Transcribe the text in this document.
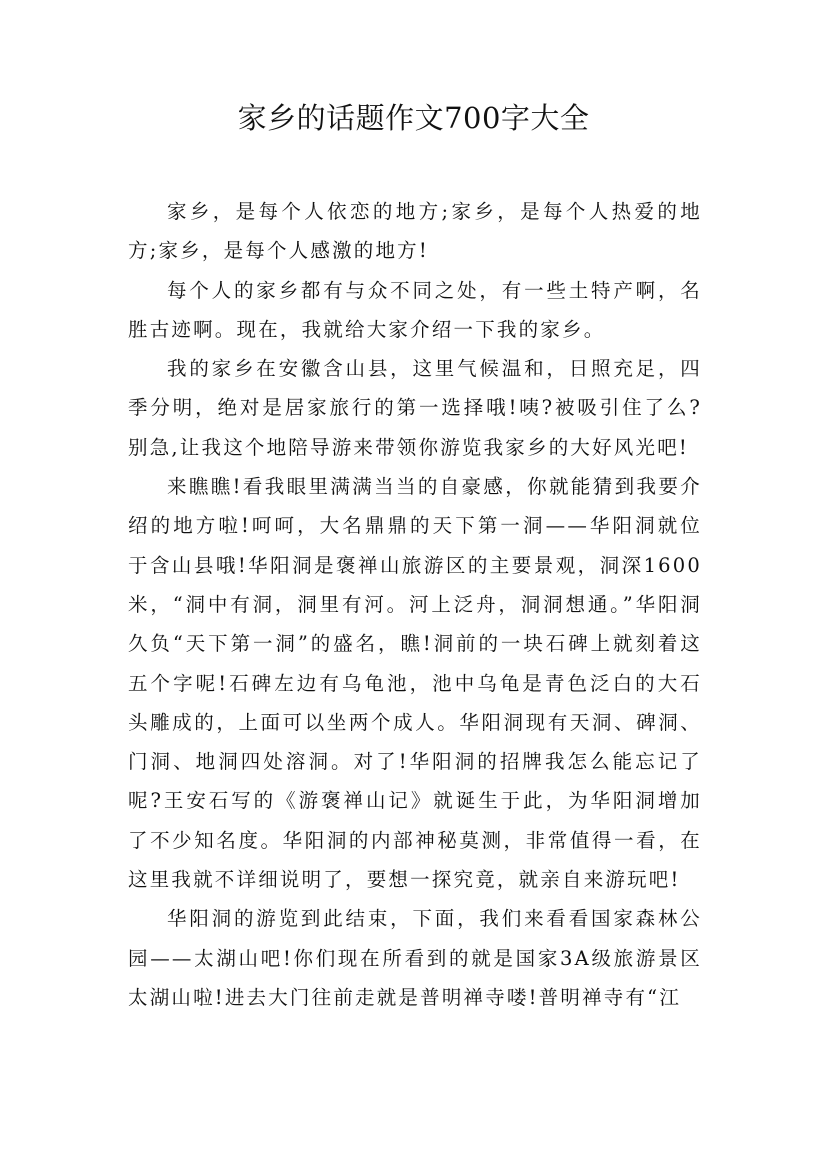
家乡的话题作文700字大全

家乡，是每个人依恋的地方;家乡，是每个人热爱的地方;家乡，是每个人感激的地方!

每个人的家乡都有与众不同之处，有一些土特产啊，名胜古迹啊。现在，我就给大家介绍一下我的家乡。

我的家乡在安徽含山县，这里气候温和，日照充足，四季分明，绝对是居家旅行的第一选择哦!咦?被吸引住了么?别急,让我这个地陪导游来带领你游览我家乡的大好风光吧!

来瞧瞧!看我眼里满满当当的自豪感，你就能猜到我要介绍的地方啦!呵呵，大名鼎鼎的天下第一洞——华阳洞就位于含山县哦!华阳洞是褒禅山旅游区的主要景观，洞深1600米，“洞中有洞，洞里有河。河上泛舟，洞洞想通。”华阳洞久负“天下第一洞”的盛名，瞧!洞前的一块石碑上就刻着这五个字呢!石碑左边有乌龟池，池中乌龟是青色泛白的大石头雕成的，上面可以坐两个成人。华阳洞现有天洞、碑洞、门洞、地洞四处溶洞。对了!华阳洞的招牌我怎么能忘记了呢?王安石写的《游褒禅山记》就诞生于此，为华阳洞增加了不少知名度。华阳洞的内部神秘莫测，非常值得一看，在这里我就不详细说明了，要想一探究竟，就亲自来游玩吧!

华阳洞的游览到此结束，下面，我们来看看国家森林公园——太湖山吧!你们现在所看到的就是国家3A级旅游景区太湖山啦!进去大门往前走就是普明禅寺喽!普明禅寺有“江
